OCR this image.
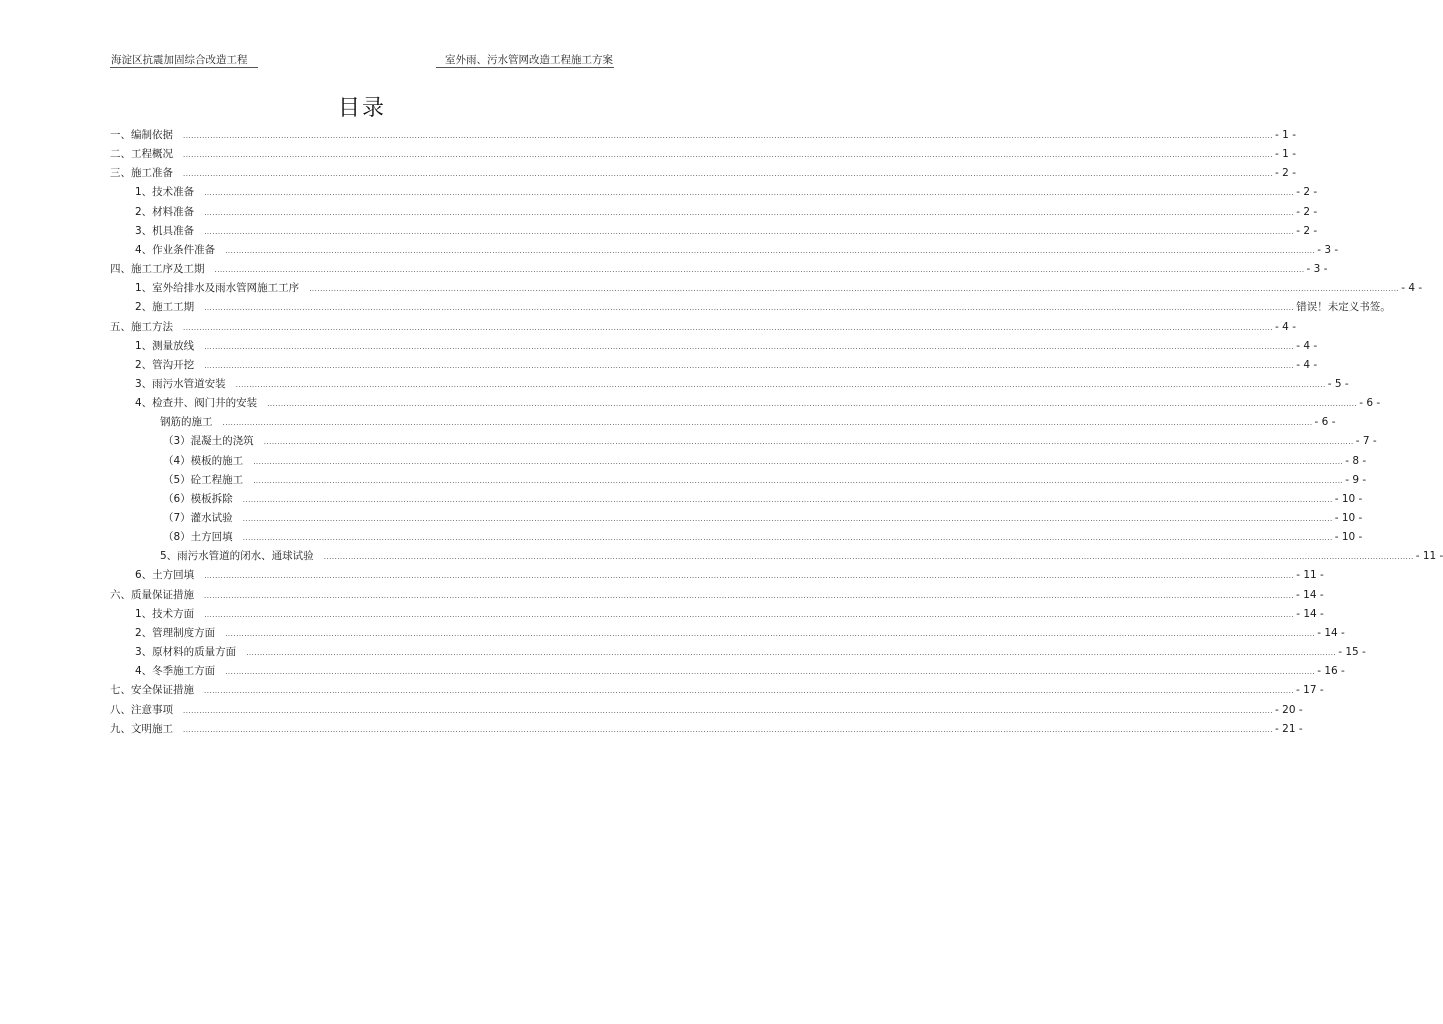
海淀区抗震加固综合改造工程	室外雨、污水管网改造工程施工方案
目录
一、编制依据 ................................................................................................................................................................................................................................................................................................................................................................................................................ - 1 -
二、工程概况 ................................................................................................................................................................................................................................................................................................................................................................................................................ - 1 -
三、施工准备 ................................................................................................................................................................................................................................................................................................................................................................................................................ - 2 -
1、技术准备 ................................................................................................................................................................................................................................................................................................................................................................................................................ - 2 -
2、材料准备 ................................................................................................................................................................................................................................................................................................................................................................................................................ - 2 -
3、机具准备 ................................................................................................................................................................................................................................................................................................................................................................................................................ - 2 -
4、作业条件准备 ................................................................................................................................................................................................................................................................................................................................................................................................................ - 3 -
四、施工工序及工期 ................................................................................................................................................................................................................................................................................................................................................................................................................ - 3 -
1、室外给排水及雨水管网施工工序 ................................................................................................................................................................................................................................................................................................................................................................................................................ - 4 -
2、施工工期 ................................................................................................................................................................................................................................................................................................................................................................................................................ 错误！未定义书签。
五、施工方法 ................................................................................................................................................................................................................................................................................................................................................................................................................ - 4 -
1、测量放线 ................................................................................................................................................................................................................................................................................................................................................................................................................ - 4 -
2、管沟开挖 ................................................................................................................................................................................................................................................................................................................................................................................................................ - 4 -
3、雨污水管道安装 ................................................................................................................................................................................................................................................................................................................................................................................................................ - 5 -
4、检查井、阀门井的安装 ................................................................................................................................................................................................................................................................................................................................................................................................................ - 6 -
钢筋的施工 ................................................................................................................................................................................................................................................................................................................................................................................................................ - 6 -
（3）混凝土的浇筑 ................................................................................................................................................................................................................................................................................................................................................................................................................ - 7 -
（4）模板的施工 ................................................................................................................................................................................................................................................................................................................................................................................................................ - 8 -
（5）砼工程施工 ................................................................................................................................................................................................................................................................................................................................................................................................................ - 9 -
（6）模板拆除 ................................................................................................................................................................................................................................................................................................................................................................................................................ - 10 -
（7）灌水试验 ................................................................................................................................................................................................................................................................................................................................................................................................................ - 10 -
（8）土方回填 ................................................................................................................................................................................................................................................................................................................................................................................................................ - 10 -
5、雨污水管道的闭水、通球试验 ................................................................................................................................................................................................................................................................................................................................................................................................................ - 11 -
6、土方回填 ................................................................................................................................................................................................................................................................................................................................................................................................................ - 11 -
六、质量保证措施 ................................................................................................................................................................................................................................................................................................................................................................................................................ - 14 -
1、技术方面 ................................................................................................................................................................................................................................................................................................................................................................................................................ - 14 -
2、管理制度方面 ................................................................................................................................................................................................................................................................................................................................................................................................................ - 14 -
3、原材料的质量方面 ................................................................................................................................................................................................................................................................................................................................................................................................................ - 15 -
4、冬季施工方面 ................................................................................................................................................................................................................................................................................................................................................................................................................ - 16 -
七、安全保证措施 ................................................................................................................................................................................................................................................................................................................................................................................................................ - 17 -
八、注意事项 ................................................................................................................................................................................................................................................................................................................................................................................................................ - 20 -
九、文明施工 ................................................................................................................................................................................................................................................................................................................................................................................................................ - 21 -
